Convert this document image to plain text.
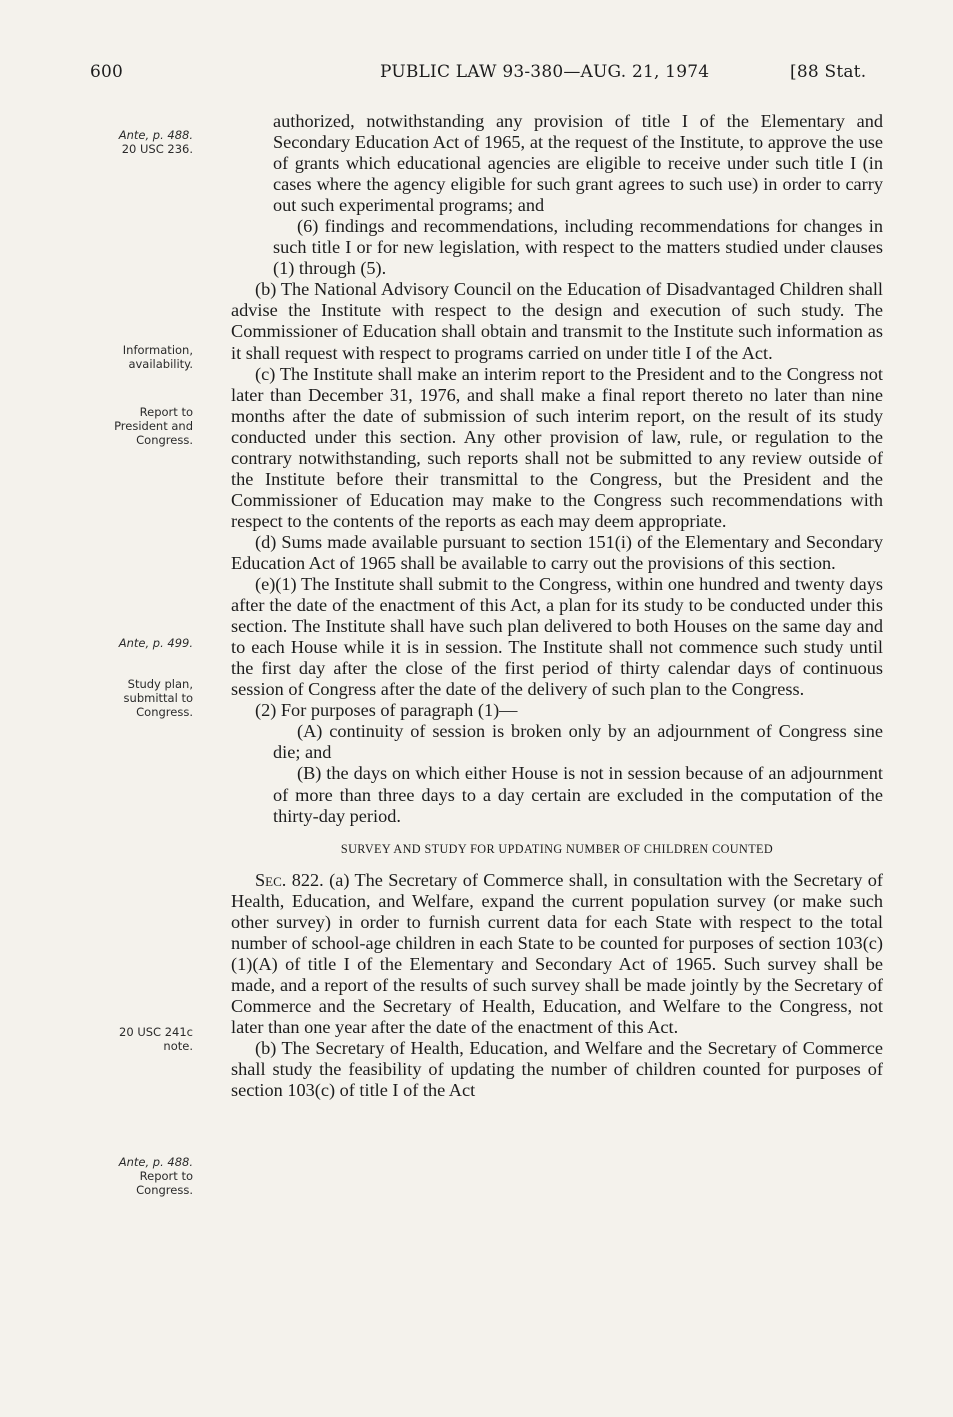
600	PUBLIC LAW 93-380—AUG. 21, 1974	[88 Stat.
Ante, p. 488.
20 USC 236.
Information,
availability.
Report to
President and
Congress.
Ante, p. 499.
Study plan,
submittal to
Congress.
20 USC 241c
note.
Ante, p. 488.
Report to
Congress.

authorized, notwithstanding any provision of title I of the Elementary and Secondary Education Act of 1965, at the request of the Institute, to approve the use of grants which educational agencies are eligible to receive under such title I (in cases where the agency eligible for such grant agrees to such use) in order to carry out such experimental programs; and

(6) findings and recommendations, including recommendations for changes in such title I or for new legislation, with respect to the matters studied under clauses (1) through (5).

(b) The National Advisory Council on the Education of Disadvantaged Children shall advise the Institute with respect to the design and execution of such study. The Commissioner of Education shall obtain and transmit to the Institute such information as it shall request with respect to programs carried on under title I of the Act.

(c) The Institute shall make an interim report to the President and to the Congress not later than December 31, 1976, and shall make a final report thereto no later than nine months after the date of submission of such interim report, on the result of its study conducted under this section. Any other provision of law, rule, or regulation to the contrary notwithstanding, such reports shall not be submitted to any review outside of the Institute before their transmittal to the Congress, but the President and the Commissioner of Education may make to the Congress such recommendations with respect to the contents of the reports as each may deem appropriate.

(d) Sums made available pursuant to section 151(i) of the Elementary and Secondary Education Act of 1965 shall be available to carry out the provisions of this section.

(e)(1) The Institute shall submit to the Congress, within one hundred and twenty days after the date of the enactment of this Act, a plan for its study to be conducted under this section. The Institute shall have such plan delivered to both Houses on the same day and to each House while it is in session. The Institute shall not commence such study until the first day after the close of the first period of thirty calendar days of continuous session of Congress after the date of the delivery of such plan to the Congress.

(2) For purposes of paragraph (1)—

(A) continuity of session is broken only by an adjournment of Congress sine die; and

(B) the days on which either House is not in session because of an adjournment of more than three days to a day certain are excluded in the computation of the thirty-day period.

SURVEY AND STUDY FOR UPDATING NUMBER OF CHILDREN COUNTED

Sec. 822. (a) The Secretary of Commerce shall, in consultation with the Secretary of Health, Education, and Welfare, expand the current population survey (or make such other survey) in order to furnish current data for each State with respect to the total number of school-age children in each State to be counted for purposes of section 103(c)(1)(A) of title I of the Elementary and Secondary Act of 1965. Such survey shall be made, and a report of the results of such survey shall be made jointly by the Secretary of Commerce and the Secretary of Health, Education, and Welfare to the Congress, not later than one year after the date of the enactment of this Act.

(b) The Secretary of Health, Education, and Welfare and the Secretary of Commerce shall study the feasibility of updating the number of children counted for purposes of section 103(c) of title I of the Act
